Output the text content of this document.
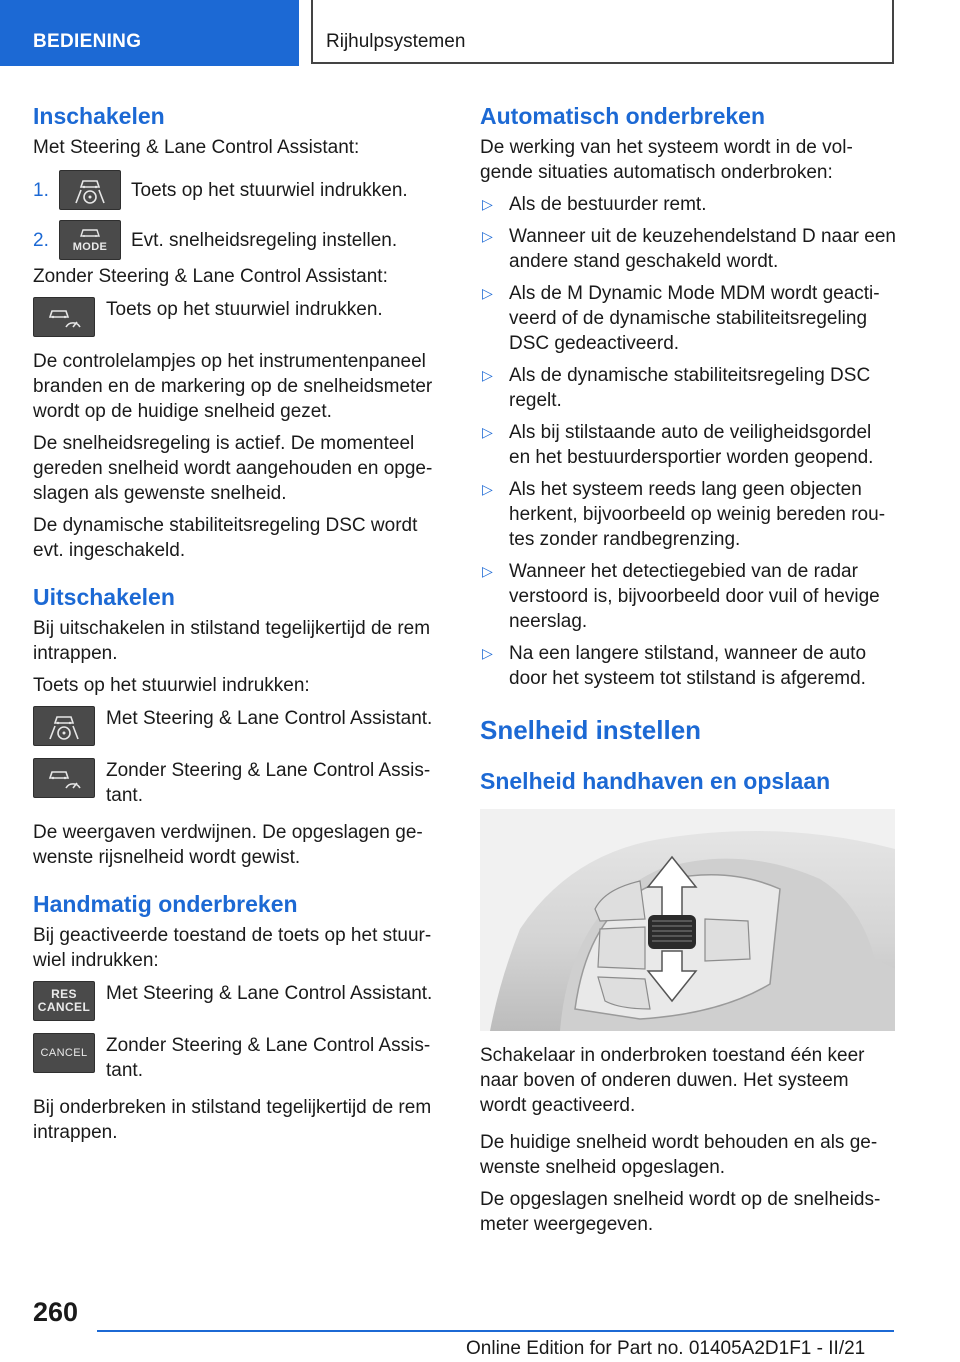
BEDIENING	Rijhulpsystemen
Inschakelen

Met Steering & Lane Control Assistant:

1.	Toets op het stuurwiel indrukken.
2.	MODE Evt. snelheidsregeling instellen.

Zonder Steering & Lane Control Assistant:

Toets op het stuurwiel indrukken.

De controlelampjes op het instrumentenpaneel branden en de markering op de snelheidsmeter wordt op de huidige snelheid gezet.

De snelheidsregeling is actief. De momenteel gereden snelheid wordt aangehouden en opge-slagen als gewenste snelheid.

De dynamische stabiliteitsregeling DSC wordt evt. ingeschakeld.

Uitschakelen

Bij uitschakelen in stilstand tegelijkertijd de rem intrappen.

Toets op het stuurwiel indrukken:

Met Steering & Lane Control Assistant.
Zonder Steering & Lane Control Assis-tant.

De weergaven verdwijnen. De opgeslagen ge-wenste rijsnelheid wordt gewist.

Handmatig onderbreken

Bij geactiveerde toestand de toets op het stuur-wiel indrukken:

RES
CANCEL
Met Steering & Lane Control Assistant.
CANCEL Zonder Steering & Lane Control Assis-tant.

Bij onderbreken in stilstand tegelijkertijd de rem intrappen.

Automatisch onderbreken

De werking van het systeem wordt in de vol-gende situaties automatisch onderbroken:

▷ Als de bestuurder remt.
▷ Wanneer uit de keuzehendelstand D naar een andere stand geschakeld wordt.
▷ Als de M Dynamic Mode MDM wordt geacti-veerd of de dynamische stabiliteitsregeling DSC gedeactiveerd.
▷ Als de dynamische stabiliteitsregeling DSC regelt.
▷ Als bij stilstaande auto de veiligheidsgordel en het bestuurdersportier worden geopend.
▷ Als het systeem reeds lang geen objecten herkent, bijvoorbeeld op weinig bereden rou-tes zonder randbegrenzing.
▷ Wanneer het detectiegebied van de radar verstoord is, bijvoorbeeld door vuil of hevige neerslag.
▷ Na een langere stilstand, wanneer de auto door het systeem tot stilstand is afgeremd.
Snelheid instellen
Snelheid handhaven en opslaan

Schakelaar in onderbroken toestand één keer naar boven of onderen duwen. Het systeem wordt geactiveerd.

De huidige snelheid wordt behouden en als ge-wenste snelheid opgeslagen.

De opgeslagen snelheid wordt op de snelheids-meter weergegeven.

260
Online Edition for Part no. 01405A2D1F1 - II/21
